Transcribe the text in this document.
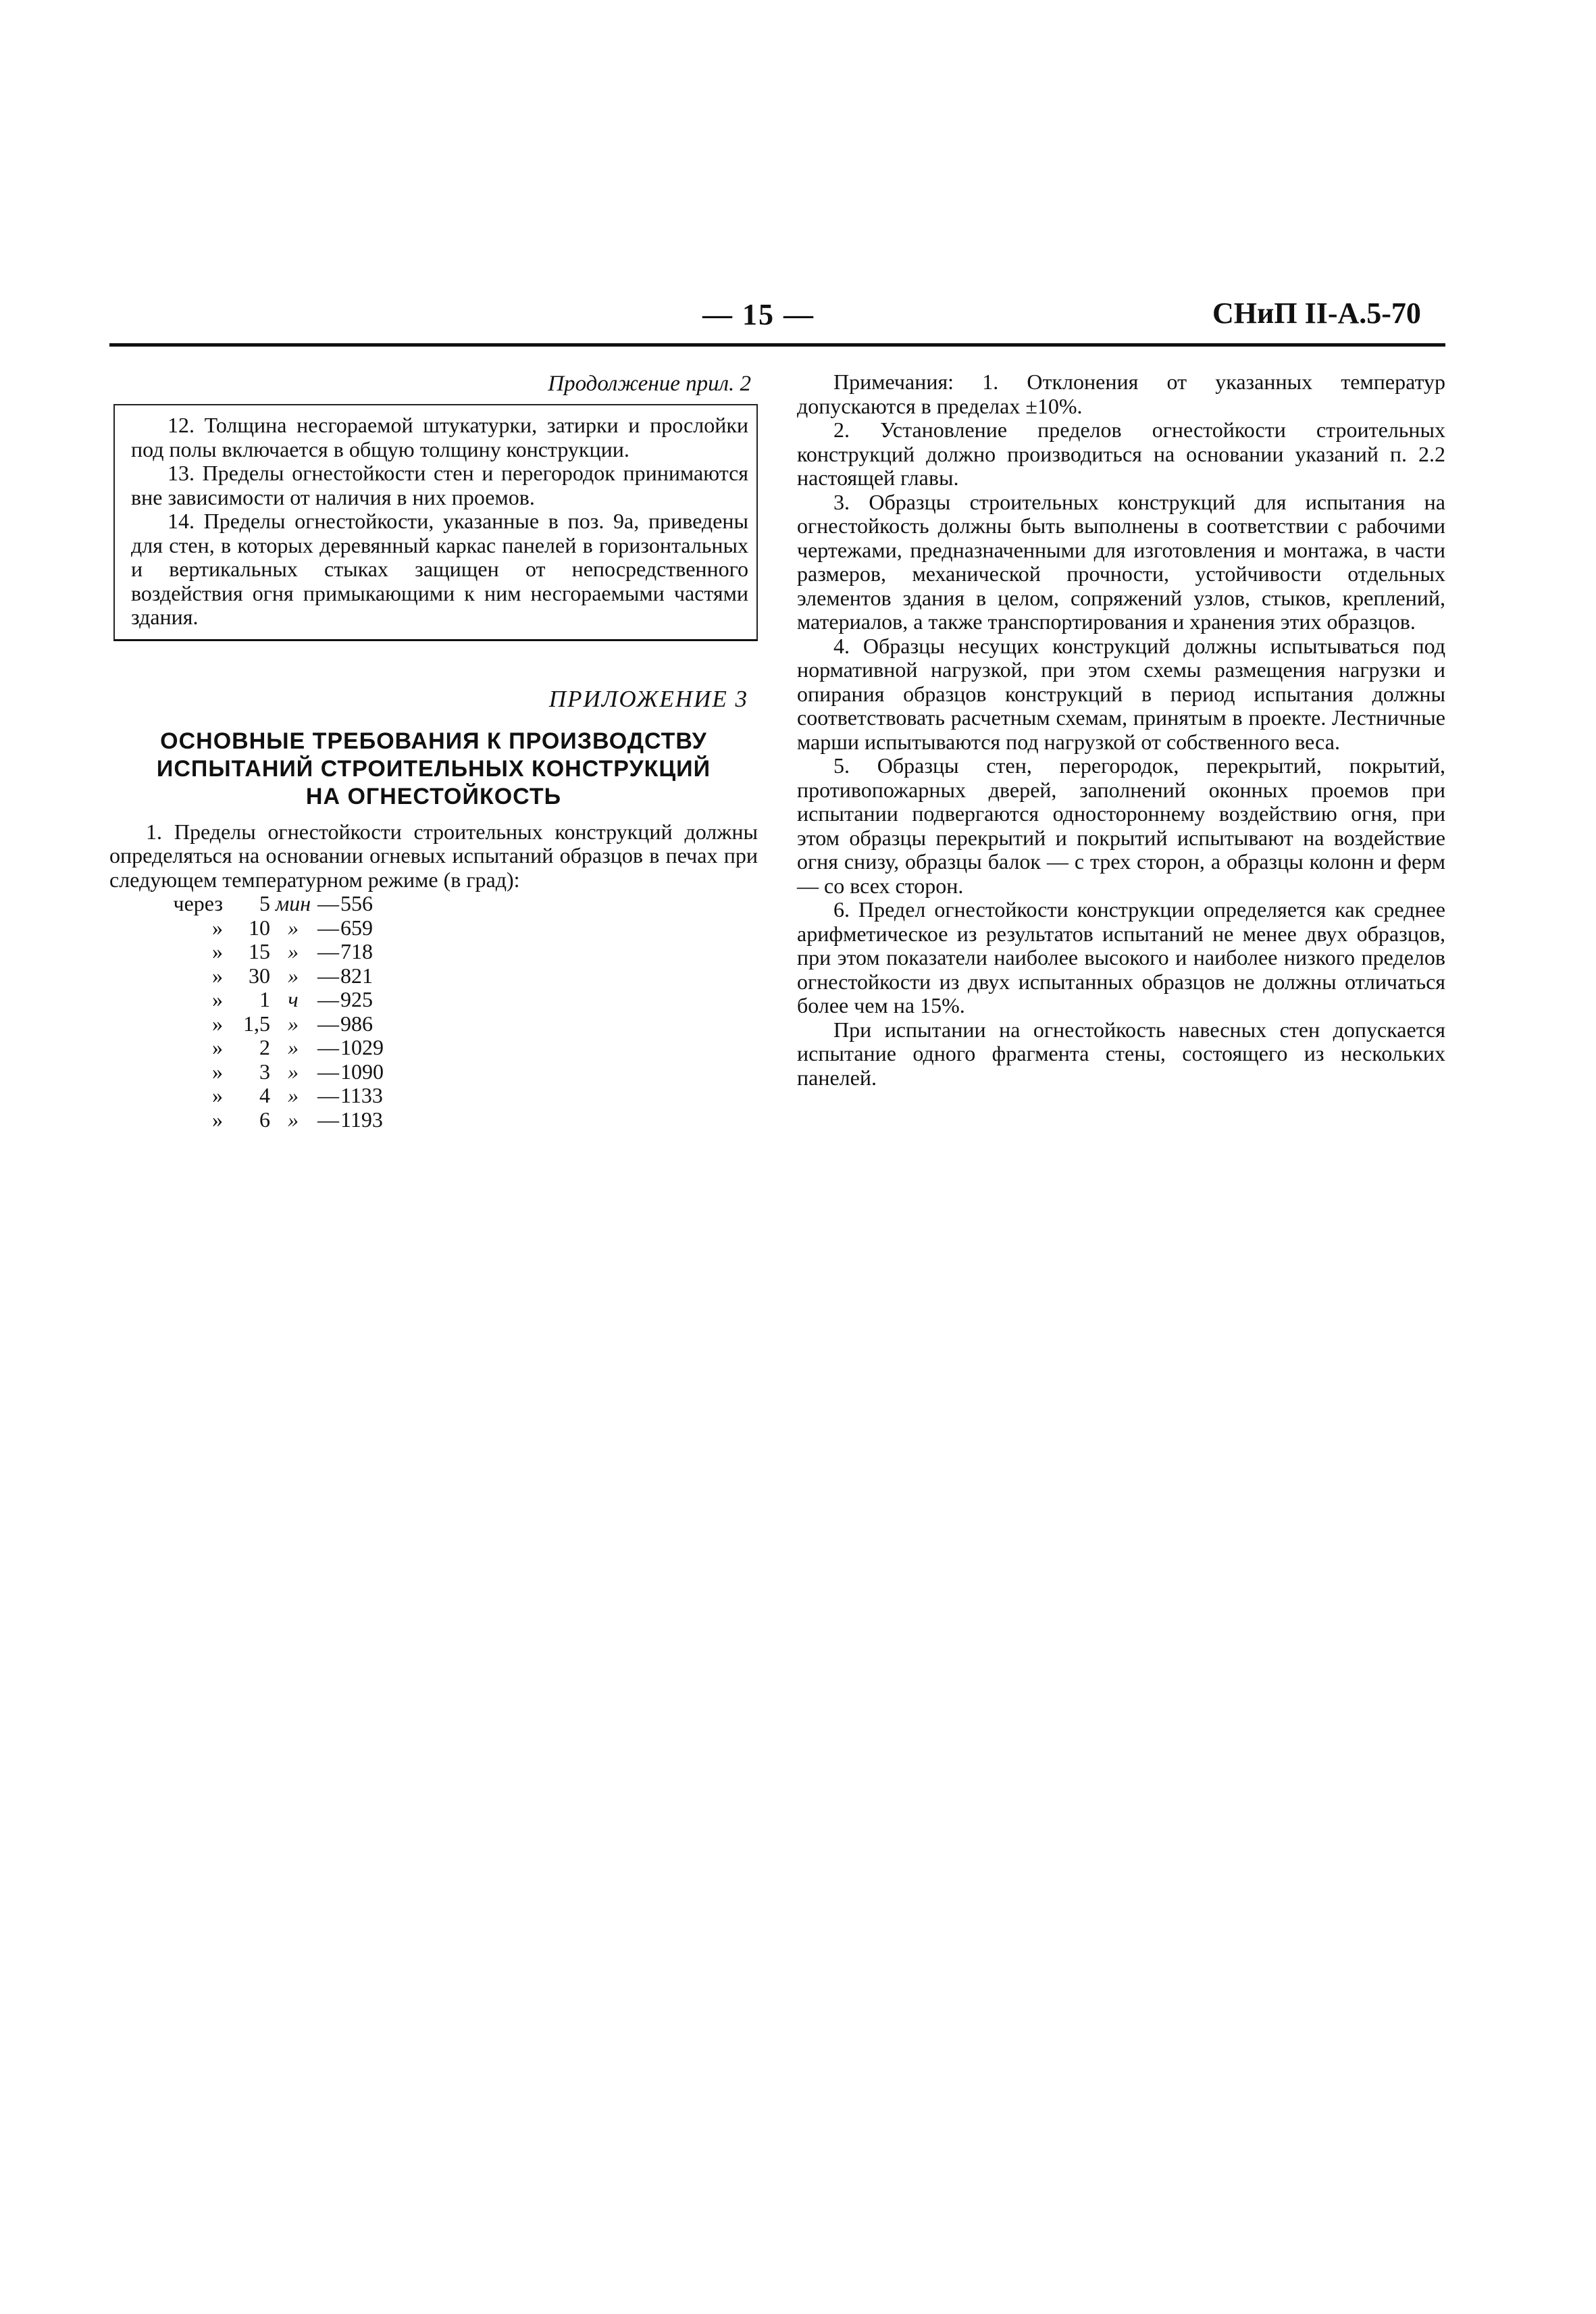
— 15 —	СНиП II-А.5-70

Продолжение прил. 2

12. Толщина несгораемой штукатурки, затирки и прослойки под полы включается в общую толщину конструкции.

13. Пределы огнестойкости стен и перегородок принимаются вне зависимости от наличия в них проемов.

14. Пределы огнестойкости, указанные в поз. 9а, приведены для стен, в которых деревянный каркас панелей в горизонтальных и вертикальных стыках защищен от непосредственного воздействия огня примыкающими к ним несгораемыми частями здания.

ПРИЛОЖЕНИЕ 3
ОСНОВНЫЕ ТРЕБОВАНИЯ К ПРОИЗВОДСТВУ
ИСПЫТАНИЙ СТРОИТЕЛЬНЫХ КОНСТРУКЦИЙ
НА ОГНЕСТОЙКОСТЬ

1. Пределы огнестойкости строительных конструкций должны определяться на основании огневых испытаний образцов в печах при следующем температурном режиме (в град):

через	5	мин	—	556
»	10	»	—	659
»	15	»	—	718
»	30	»	—	821
»	1	ч	—	925
»	1,5	»	—	986
»	2	»	—	1029
»	3	»	—	1090
»	4	»	—	1133
»	6	»	—	1193

Примечания: 1. Отклонения от указанных температур допускаются в пределах ±10%.

2. Установление пределов огнестойкости строительных конструкций должно производиться на основании указаний п. 2.2 настоящей главы.

3. Образцы строительных конструкций для испытания на огнестойкость должны быть выполнены в соответствии с рабочими чертежами, предназначенными для изготовления и монтажа, в части размеров, механической прочности, устойчивости отдельных элементов здания в целом, сопряжений узлов, стыков, креплений, материалов, а также транспортирования и хранения этих образцов.

4. Образцы несущих конструкций должны испытываться под нормативной нагрузкой, при этом схемы размещения нагрузки и опирания образцов конструкций в период испытания должны соответствовать расчетным схемам, принятым в проекте. Лестничные марши испытываются под нагрузкой от собственного веса.

5. Образцы стен, перегородок, перекрытий, покрытий, противопожарных дверей, заполнений оконных проемов при испытании подвергаются одностороннему воздействию огня, при этом образцы перекрытий и покрытий испытывают на воздействие огня снизу, образцы балок — с трех сторон, а образцы колонн и ферм — со всех сторон.

6. Предел огнестойкости конструкции определяется как среднее арифметическое из результатов испытаний не менее двух образцов, при этом показатели наиболее высокого и наиболее низкого пределов огнестойкости из двух испытанных образцов не должны отличаться более чем на 15%.

При испытании на огнестойкость навесных стен допускается испытание одного фрагмента стены, состоящего из нескольких панелей.
